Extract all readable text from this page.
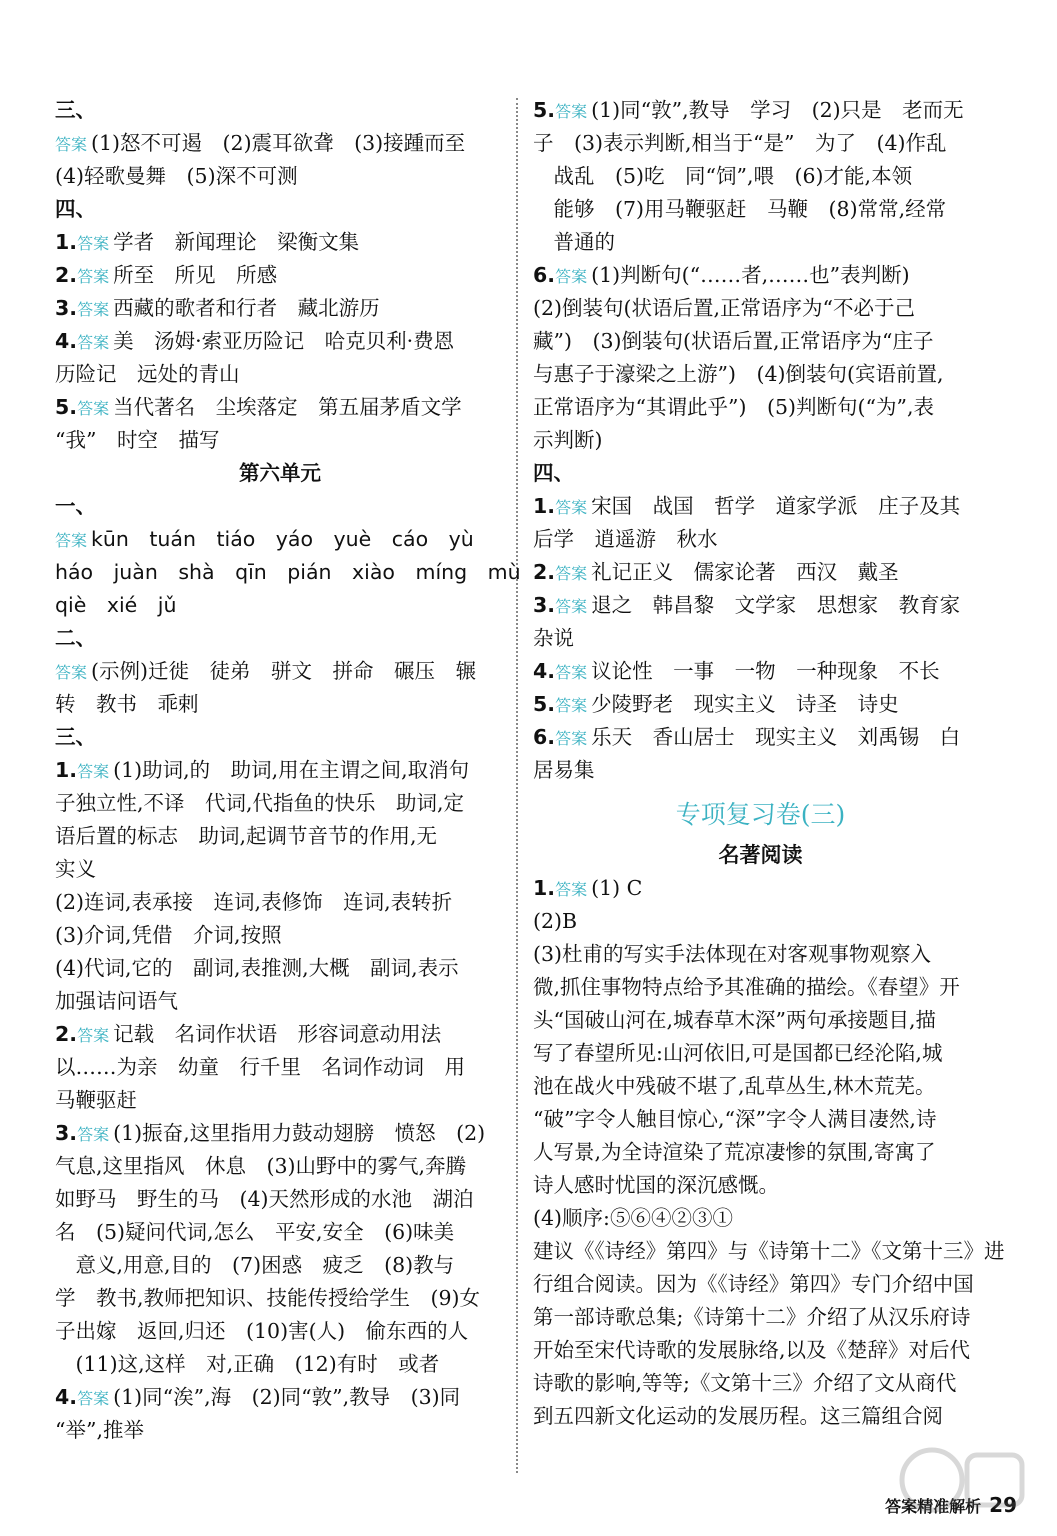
三、
答案 (1)怒不可遏　(2)震耳欲聋　(3)接踵而至
(4)轻歌曼舞　(5)深不可测
四、
1.答案 学者　新闻理论　梁衡文集
2.答案 所至　所见　所感
3.答案 西藏的歌者和行者　藏北游历
4.答案 美　汤姆·索亚历险记　哈克贝利·费恩
历险记　远处的青山
5.答案 当代著名　尘埃落定　第五届茅盾文学
“我”　时空　描写
第六单元
一、
答案 kūn　tuán　tiáo　yáo　yuè　cáo　yù
háo　juàn　shà　qīn　pián　xiào　míng　mù
qiè　xié　jǔ
二、
答案 (示例)迁徙　徒弟　骈文　拼命　碾压　辗
转　教书　乖剌
三、
1.答案 (1)助词,的　助词,用在主谓之间,取消句
子独立性,不译　代词,代指鱼的快乐　助词,定
语后置的标志　助词,起调节音节的作用,无
实义
(2)连词,表承接　连词,表修饰　连词,表转折
(3)介词,凭借　介词,按照
(4)代词,它的　副词,表推测,大概　副词,表示
加强诘问语气
2.答案 记载　名词作状语　形容词意动用法
以……为亲　幼童　行千里　名词作动词　用
马鞭驱赶
3.答案 (1)振奋,这里指用力鼓动翅膀　愤怒　(2)
气息,这里指风　休息　(3)山野中的雾气,奔腾
如野马　野生的马　(4)天然形成的水池　湖泊
名　(5)疑问代词,怎么　平安,安全　(6)味美
　意义,用意,目的　(7)困惑　疲乏　(8)教与
学　教书,教师把知识、技能传授给学生　(9)女
子出嫁　返回,归还　(10)害(人)　偷东西的人
　(11)这,这样　对,正确　(12)有时　或者
4.答案 (1)同“涘”,海　(2)同“敦”,教导　(3)同
“举”,推举
5.答案 (1)同“敦”,教导　学习　(2)只是　老而无
子　(3)表示判断,相当于“是”　为了　(4)作乱
　战乱　(5)吃　同“饲”,喂　(6)才能,本领
　能够　(7)用马鞭驱赶　马鞭　(8)常常,经常
　普通的
6.答案 (1)判断句(“……者,……也”表判断)
(2)倒装句(状语后置,正常语序为“不必于己
藏”)　(3)倒装句(状语后置,正常语序为“庄子
与惠子于濠梁之上游”)　(4)倒装句(宾语前置,
正常语序为“其谓此乎”)　(5)判断句(“为”,表
示判断)
四、
1.答案 宋国　战国　哲学　道家学派　庄子及其
后学　逍遥游　秋水
2.答案 礼记正义　儒家论著　西汉　戴圣
3.答案 退之　韩昌黎　文学家　思想家　教育家
杂说
4.答案 议论性　一事　一物　一种现象　不长
5.答案 少陵野老　现实主义　诗圣　诗史
6.答案 乐天　香山居士　现实主义　刘禹锡　白
居易集
专项复习卷(三)
名著阅读
1.答案 (1) C
(2)B
(3)杜甫的写实手法体现在对客观事物观察入
微,抓住事物特点给予其准确的描绘。《春望》开
头“国破山河在,城春草木深”两句承接题目,描
写了春望所见:山河依旧,可是国都已经沦陷,城
池在战火中残破不堪了,乱草丛生,林木荒芜。
“破”字令人触目惊心,“深”字令人满目凄然,诗
人写景,为全诗渲染了荒凉凄惨的氛围,寄寓了
诗人感时忧国的深沉感慨。
(4)顺序:⑤⑥④②③①
建议《《诗经》第四》与《诗第十二》《文第十三》进
行组合阅读。因为《《诗经》第四》专门介绍中国
第一部诗歌总集;《诗第十二》介绍了从汉乐府诗
开始至宋代诗歌的发展脉络,以及《楚辞》对后代
诗歌的影响,等等;《文第十三》介绍了文从商代
到五四新文化运动的发展历程。这三篇组合阅
答案精准解析 29
